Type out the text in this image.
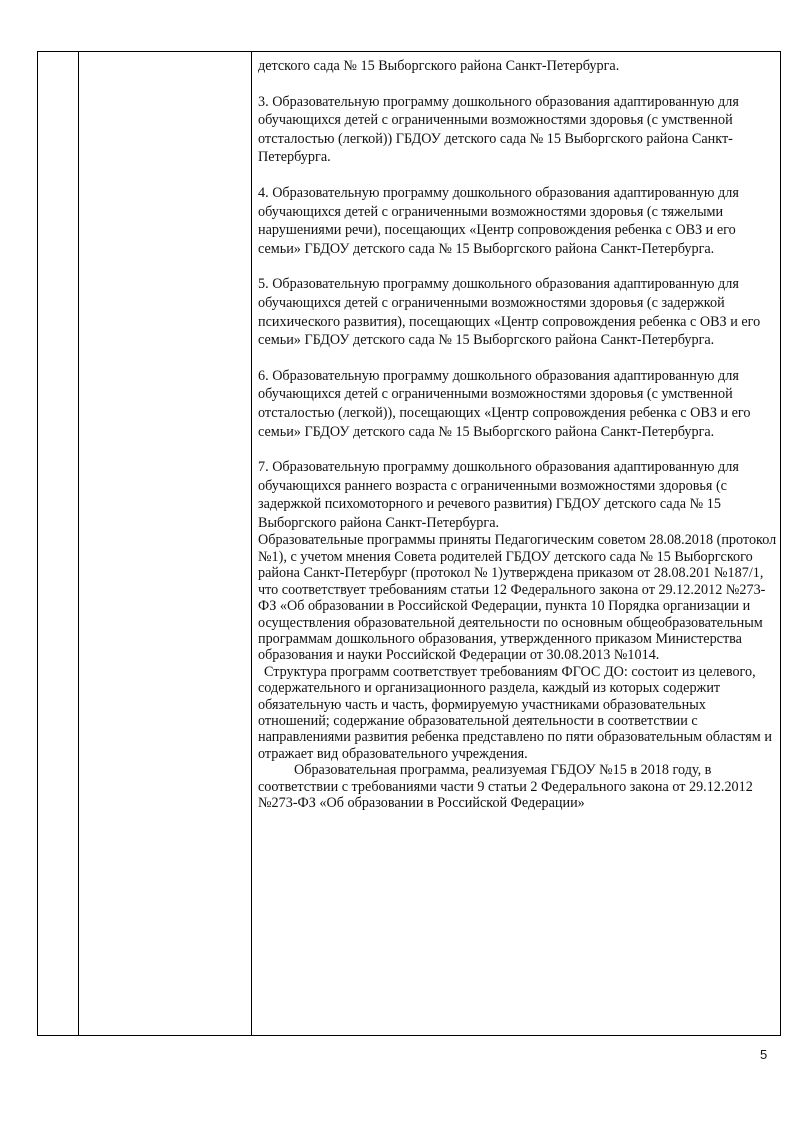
детского сада № 15 Выборгского района Санкт-Петербурга.

3. Образовательную программу дошкольного образования адаптированную для обучающихся детей с ограниченными возможностями здоровья (с умственной отсталостью (легкой)) ГБДОУ детского сада № 15 Выборгского района Санкт-Петербурга.

4. Образовательную программу дошкольного образования адаптированную для обучающихся детей с ограниченными возможностями здоровья (с тяжелыми нарушениями речи), посещающих «Центр сопровождения ребенка с ОВЗ и его семьи» ГБДОУ детского сада № 15 Выборгского района Санкт-Петербурга.

5. Образовательную программу дошкольного образования адаптированную для обучающихся детей с ограниченными возможностями здоровья (с задержкой психического развития), посещающих «Центр сопровождения ребенка с ОВЗ и его семьи» ГБДОУ детского сада № 15 Выборгского района Санкт-Петербурга.

6. Образовательную программу дошкольного образования адаптированную для обучающихся детей с ограниченными возможностями здоровья (с умственной отсталостью (легкой)), посещающих «Центр сопровождения ребенка с ОВЗ и его семьи» ГБДОУ детского сада № 15 Выборгского района Санкт-Петербурга.

7. Образовательную программу дошкольного образования адаптированную для обучающихся раннего возраста с ограниченными возможностями здоровья (с задержкой психомоторного и речевого развития) ГБДОУ детского сада № 15 Выборгского района Санкт-Петербурга.

Образовательные программы приняты Педагогическим советом 28.08.2018 (протокол №1), с учетом мнения Совета родителей ГБДОУ детского сада № 15 Выборгского района Санкт-Петербург (протокол № 1)утверждена приказом от 28.08.201 №187/1, что соответствует требованиям статьи 12 Федерального закона от 29.12.2012 №273-ФЗ «Об образовании в Российской Федерации, пункта 10 Порядка организации и осуществления образовательной деятельности по основным общеобразовательным программам дошкольного образования, утвержденного приказом Министерства образования и науки Российской Федерации от 30.08.2013 №1014.

Структура программ соответствует требованиям ФГОС ДО: состоит из целевого, содержательного и организационного раздела, каждый из которых содержит обязательную часть и часть, формируемую участниками образовательных отношений; содержание образовательной деятельности в соответствии с направлениями развития ребенка представлено по пяти образовательным областям и отражает вид образовательного учреждения.

Образовательная программа, реализуемая ГБДОУ №15 в 2018 году, в соответствии с требованиями части 9 статьи 2 Федерального закона от 29.12.2012 №273-ФЗ «Об образовании в Российской Федерации»

5
